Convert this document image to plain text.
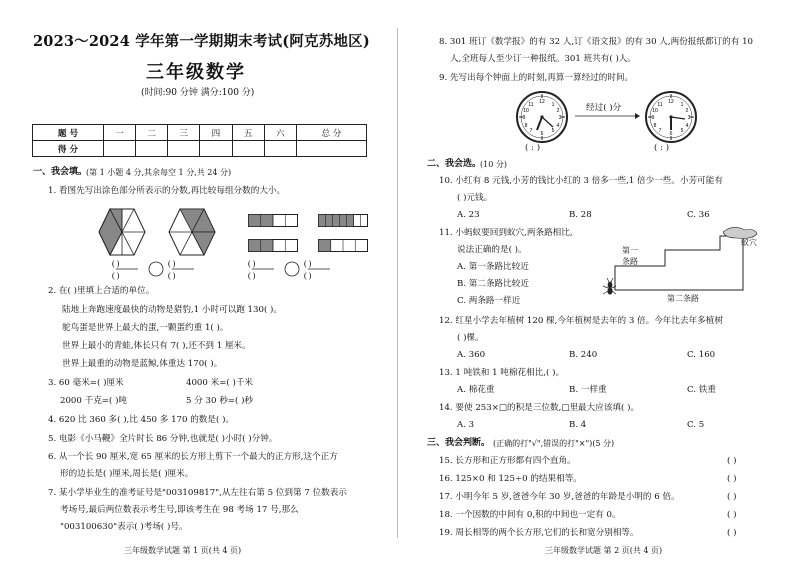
2023～2024 学年第一学期期末考试(阿克苏地区)
三年级数学
(时间:90 分钟 满分:100 分)
题 号	一	二	三	四	五	六	总 分
得 分							
一、我会填。
(第 1 小题 4 分,其余每空 1 分,共 24 分)
1. 看图先写出涂色部分所表示的分数,再比较每组分数的大小。
( )
( )
( )
( )
( )
( )
( )
( )
2. 在( )里填上合适的单位。
陆地上奔跑速度最快的动物是猎豹,1 小时可以跑 130( )。
鸵鸟蛋是世界上最大的蛋,一颗蛋约重 1( )。
世界上最小的青蛙,体长只有 7( ),还不到 1 厘米。
世界上最重的动物是蓝鲸,体重达 170( )。
3. 60 毫米=( )厘米	4000 米=( )千米
2000 千克=( )吨	5 分 30 秒=( )秒
4. 620 比 360 多( ),比 450 多 170 的数是( )。
5. 电影《小马鞭》全片时长 86 分钟,也就是( )小时( )分钟。
6. 从一个长 90 厘米,宽 65 厘米的长方形上剪下一个最大的正方形,这个正方
形的边长是( )厘米,周长是( )厘米。
7. 某小学毕业生的准考证号是"003109817",从左往右第 5 位到第 7 位数表示
考场号,最后两位数表示考生号,即该考生在 98 考场 17 号,那么
"003100630"表示( )考场( )号。
三年级数学试题 第 1 页(共 4 页)
8. 301 班订《数学报》的有 32 人,订《语文报》的有 30 人,两份报纸都订的有 10
人,全班每人至少订一种报纸。301 班共有( )人。
9. 先写出每个钟面上的时刻,再算一算经过的时间。
12 1
2
3
4
5
6
7
8
9
10
11	经过( )分
12 1
2
3
4
5
6
7
8
9
10
11
( : )	( : )
二、我会选。
(10 分)
10. 小红有 8 元钱,小芳的钱比小红的 3 倍多一些,1 倍少一些。小芳可能有
( )元钱。
A. 23	B. 28	C. 36
11. 小蚂蚁要回到蚁穴,两条路相比,
说法正确的是( )。
A. 第一条路比较近
B. 第二条路比较近
C. 两条路一样近
第一
条路
第二条路
蚁穴
12. 红星小学去年植树 120 棵,今年植树是去年的 3 倍。今年比去年多植树
( )棵。
A. 360	B. 240	C. 160
13. 1 吨铁和 1 吨棉花相比,( )。
A. 棉花重	B. 一样重	C. 铁重
14. 要使 253×□的积是三位数,□里最大应该填( )。
A. 3	B. 4	C. 5
三、我会判断。 (正确的打"√",错误的打"×")(5 分)
15. 长方形和正方形都有四个直角。	( )
16. 125×0 和 125÷0 的结果相等。	( )
17. 小明今年 5 岁,爸爸今年 30 岁,爸爸的年龄是小明的 6 倍。	( )
18. 一个因数的中间有 0,积的中间也一定有 0。	( )
19. 周长相等的两个长方形,它们的长和宽分别相等。	( )
三年级数学试题 第 2 页(共 4 页)
